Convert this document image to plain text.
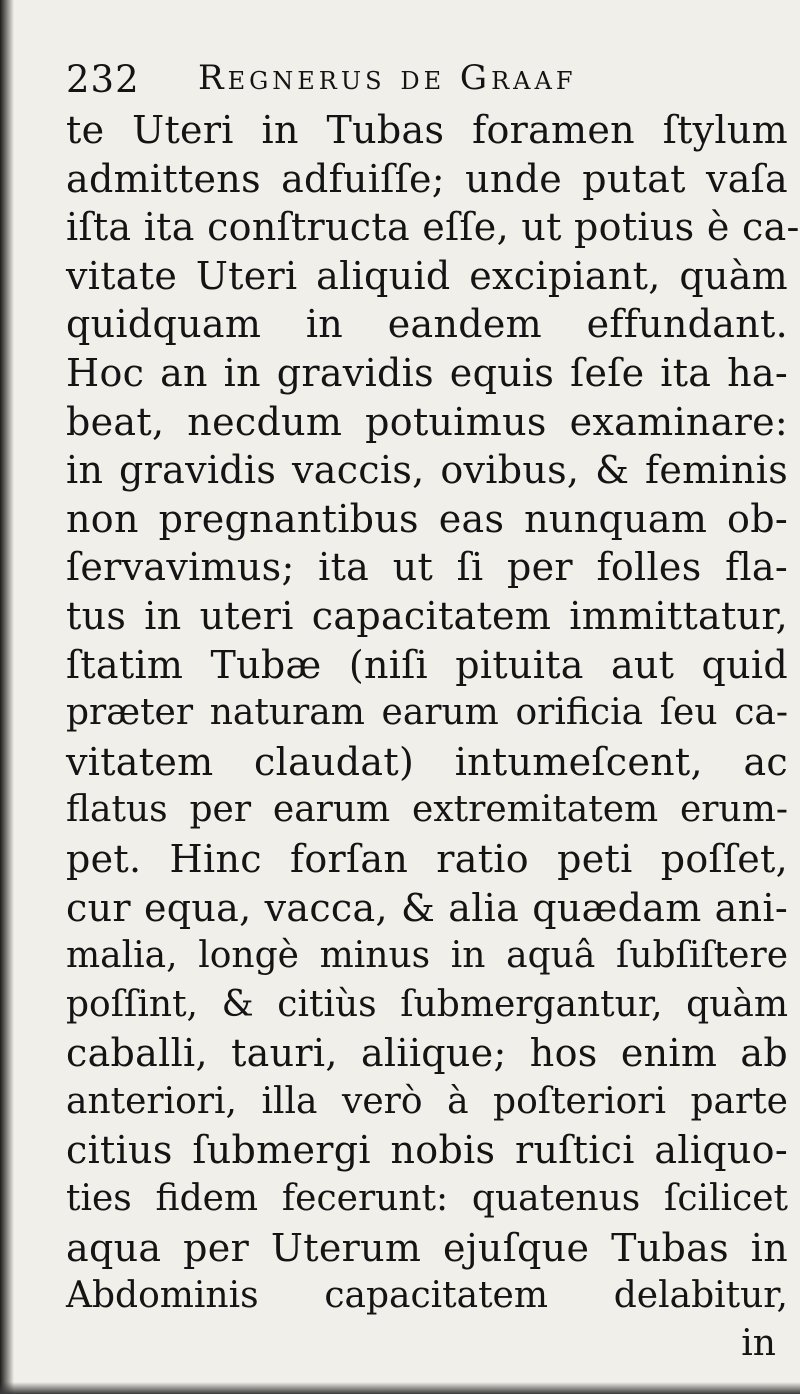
232 Regnerus de Graaf
te Uteri in Tubas foramen ſtylum
admittens adfuiſſe; unde putat vaſa
iſta ita conſtructa eſſe, ut potius è ca-
vitate Uteri aliquid excipiant, quàm
quidquam in eandem effundant.
Hoc an in gravidis equis ſeſe ita ha-
beat, necdum potuimus examinare:
in gravidis vaccis, ovibus, & feminis
non pregnantibus eas nunquam ob-
ſervavimus; ita ut ſi per folles fla-
tus in uteri capacitatem immittatur,
ſtatim Tubæ (niſi pituita aut quid
præter naturam earum orificia ſeu ca-
vitatem claudat) intumeſcent, ac
flatus per earum extremitatem erum-
pet. Hinc forſan ratio peti poſſet,
cur equa, vacca, & alia quædam ani-
malia, longè minus in aquâ ſubſiſtere
poſſint, & citiùs ſubmergantur, quàm
caballi, tauri, aliique; hos enim ab
anteriori, illa verò à poſteriori parte
citius ſubmergi nobis ruſtici aliquo-
ties fidem fecerunt: quatenus ſcilicet
aqua per Uterum ejuſque Tubas in
Abdominis capacitatem delabitur,
in
